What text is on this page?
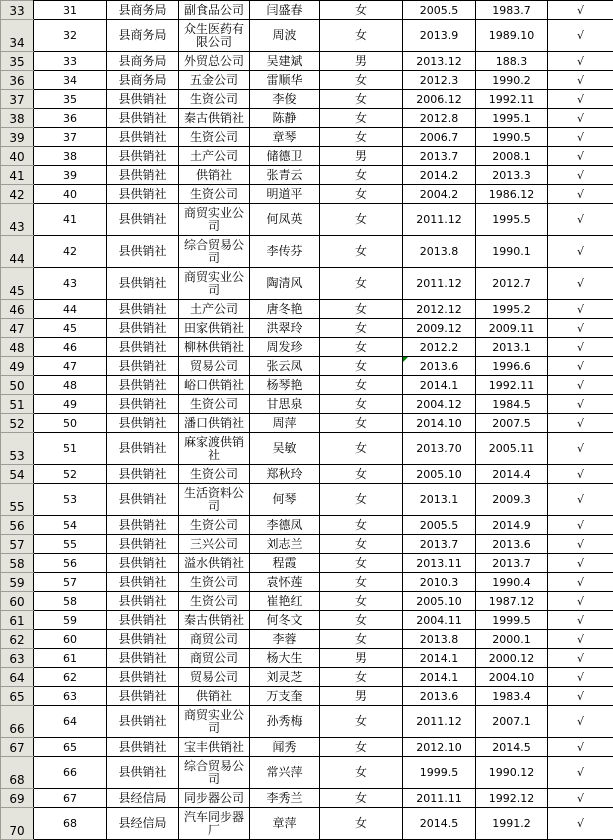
33	31	县商务局	副食品公司	闫盛春	女	2005.5	1983.7	√
34	32	县商务局	众生医药有限公司	周波	女	2013.9	1989.10	√
35	33	县商务局	外贸总公司	吴建斌	男	2013.12	188.3	√
36	34	县商务局	五金公司	雷顺华	女	2012.3	1990.2	√
37	35	县供销社	生资公司	李俊	女	2006.12	1992.11	√
38	36	县供销社	秦古供销社	陈静	女	2012.8	1995.1	√
39	37	县供销社	生资公司	章琴	女	2006.7	1990.5	√
40	38	县供销社	土产公司	储德卫	男	2013.7	2008.1	√
41	39	县供销社	供销社	张青云	女	2014.2	2013.3	√
42	40	县供销社	生资公司	明道平	女	2004.2	1986.12	√
43	41	县供销社	商贸实业公司	何凤英	女	2011.12	1995.5	√
44	42	县供销社	综合贸易公司	李传芬	女	2013.8	1990.1	√
45	43	县供销社	商贸实业公司	陶清风	女	2011.12	2012.7	√
46	44	县供销社	土产公司	唐冬艳	女	2012.12	1995.2	√
47	45	县供销社	田家供销社	洪翠玲	女	2009.12	2009.11	√
48	46	县供销社	柳林供销社	周发珍	女	2012.2	2013.1	√
49	47	县供销社	贸易公司	张云凤	女	2013.6	1996.6	√
50	48	县供销社	峪口供销社	杨琴艳	女	2014.1	1992.11	√
51	49	县供销社	生资公司	甘思泉	女	2004.12	1984.5	√
52	50	县供销社	潘口供销社	周萍	女	2014.10	2007.5	√
53	51	县供销社	麻家渡供销社	吴敏	女	2013.70	2005.11	√
54	52	县供销社	生资公司	郑秋玲	女	2005.10	2014.4	√
55	53	县供销社	生活资料公司	何琴	女	2013.1	2009.3	√
56	54	县供销社	生资公司	李德凤	女	2005.5	2014.9	√
57	55	县供销社	三兴公司	刘志兰	女	2013.7	2013.6	√
58	56	县供销社	溢水供销社	程霞	女	2013.11	2013.7	√
59	57	县供销社	生资公司	袁怀莲	女	2010.3	1990.4	√
60	58	县供销社	生资公司	崔艳红	女	2005.10	1987.12	√
61	59	县供销社	秦古供销社	何冬文	女	2004.11	1999.5	√
62	60	县供销社	商贸公司	李蓉	女	2013.8	2000.1	√
63	61	县供销社	商贸公司	杨大生	男	2014.1	2000.12	√
64	62	县供销社	贸易公司	刘灵芝	女	2014.1	2004.10	√
65	63	县供销社	供销社	万支奎	男	2013.6	1983.4	√
66	64	县供销社	商贸实业公司	孙秀梅	女	2011.12	2007.1	√
67	65	县供销社	宝丰供销社	闻秀	女	2012.10	2014.5	√
68	66	县供销社	综合贸易公司	常兴萍	女	1999.5	1990.12	√
69	67	县经信局	同步器公司	李秀兰	女	2011.11	1992.12	√
70	68	县经信局	汽车同步器厂	章萍	女	2014.5	1991.2	√
